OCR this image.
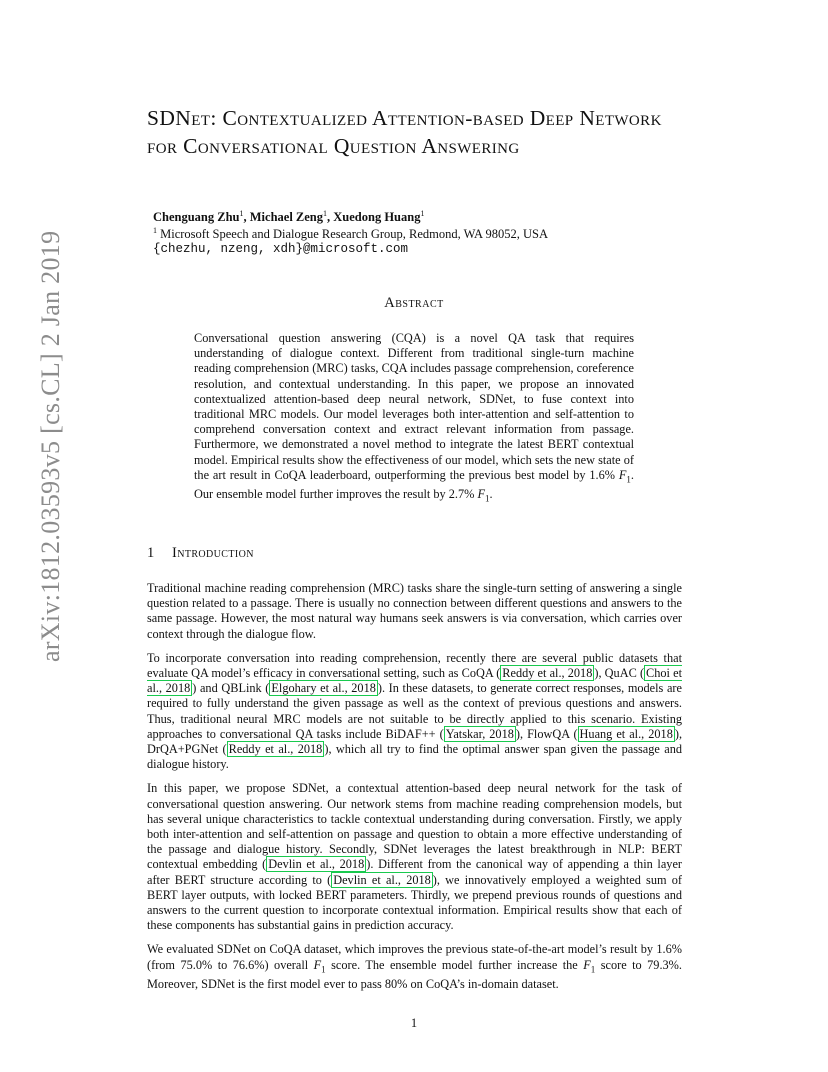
arXiv:1812.03593v5 [cs.CL] 2 Jan 2019
SDNet: Contextualized Attention-based Deep Network for Conversational Question Answering
Chenguang Zhu$^1$, Michael Zeng$^1$, Xuedong Huang$^1$
$^1$ Microsoft Speech and Dialogue Research Group, Redmond, WA 98052, USA
{chezhu, nzeng, xdh}@microsoft.com
Abstract
Conversational question answering (CQA) is a novel QA task that requires understanding of dialogue context. Different from traditional single-turn machine reading comprehension (MRC) tasks, CQA includes passage comprehension, coreference resolution, and contextual understanding. In this paper, we propose an innovated contextualized attention-based deep neural network, SDNet, to fuse context into traditional MRC models. Our model leverages both inter-attention and self-attention to comprehend conversation context and extract relevant information from passage. Furthermore, we demonstrated a novel method to integrate the latest BERT contextual model. Empirical results show the effectiveness of our model, which sets the new state of the art result in CoQA leaderboard, outperforming the previous best model by 1.6% $F_1$. Our ensemble model further improves the result by 2.7% $F_1$.
1 Introduction

Traditional machine reading comprehension (MRC) tasks share the single-turn setting of answering a single question related to a passage. There is usually no connection between different questions and answers to the same passage. However, the most natural way humans seek answers is via conversation, which carries over context through the dialogue flow.

To incorporate conversation into reading comprehension, recently there are several public datasets that evaluate QA model’s efficacy in conversational setting, such as CoQA ( Reddy et al., 2018 ), QuAC ( Choi et al., 2018 ) and QBLink ( Elgohary et al., 2018 ). In these datasets, to generate correct responses, models are required to fully understand the given passage as well as the context of previous questions and answers. Thus, traditional neural MRC models are not suitable to be directly applied to this scenario. Existing approaches to conversational QA tasks include BiDAF++ ( Yatskar, 2018 ), FlowQA ( Huang et al., 2018 ), DrQA+PGNet ( Reddy et al., 2018 ), which all try to find the optimal answer span given the passage and dialogue history.

In this paper, we propose SDNet, a contextual attention-based deep neural network for the task of conversational question answering. Our network stems from machine reading comprehension models, but has several unique characteristics to tackle contextual understanding during conversation. Firstly, we apply both inter-attention and self-attention on passage and question to obtain a more effective understanding of the passage and dialogue history. Secondly, SDNet leverages the latest breakthrough in NLP: BERT contextual embedding ( Devlin et al., 2018 ). Different from the canonical way of appending a thin layer after BERT structure according to ( Devlin et al., 2018 ), we innovatively employed a weighted sum of BERT layer outputs, with locked BERT parameters. Thirdly, we prepend previous rounds of questions and answers to the current question to incorporate contextual information. Empirical results show that each of these components has substantial gains in prediction accuracy.

We evaluated SDNet on CoQA dataset, which improves the previous state-of-the-art model’s result by 1.6% (from 75.0% to 76.6%) overall $F_1$ score. The ensemble model further increase the $F_1$ score to 79.3%. Moreover, SDNet is the first model ever to pass 80% on CoQA’s in-domain dataset.

1
